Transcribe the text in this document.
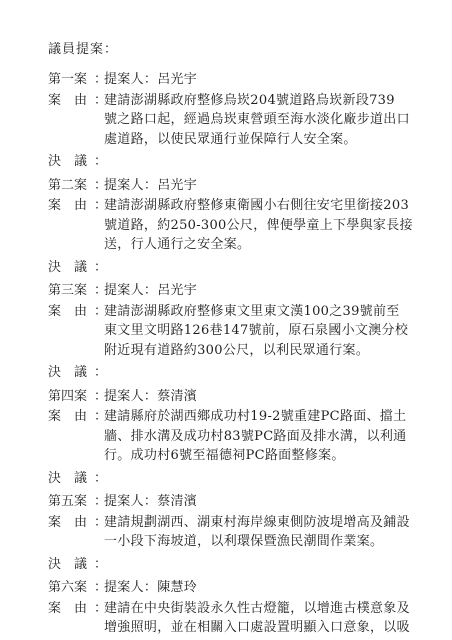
議員提案：
第一案 ：
提案人：呂光宇
案　由 ：
建請澎湖縣政府整修烏崁204號道路烏崁新段739
號之路口起，經過烏崁東營頭至海水淡化廠步道出口
處道路，以使民眾通行並保障行人安全案。
決　議 ：
第二案 ：
提案人：呂光宇
案　由 ：
建請澎湖縣政府整修東衛國小右側往安宅里銜接203
號道路，約250-300公尺，俾便學童上下學與家長接
送，行人通行之安全案。
決　議 ：
第三案 ：
提案人：呂光宇
案　由 ：
建請澎湖縣政府整修東文里東文漢100之39號前至
東文里文明路126巷147號前，原石泉國小文澳分校
附近現有道路約300公尺，以利民眾通行案。
決　議 ：
第四案 ：
提案人：蔡清濱
案　由 ：
建請縣府於湖西鄉成功村19-2號重建PC路面、擋土
牆、排水溝及成功村83號PC路面及排水溝，以利通
行。成功村6號至福德祠PC路面整修案。
決　議 ：
第五案 ：
提案人：蔡清濱
案　由 ：
建請規劃湖西、湖東村海岸線東側防波堤增高及鋪設
一小段下海坡道，以利環保暨漁民潮間作業案。
決　議 ：
第六案 ：
提案人：陳慧玲
案　由 ：
建請在中央街裝設永久性古燈籠，以增進古樸意象及
增強照明，並在相關入口處設置明顯入口意象，以吸
